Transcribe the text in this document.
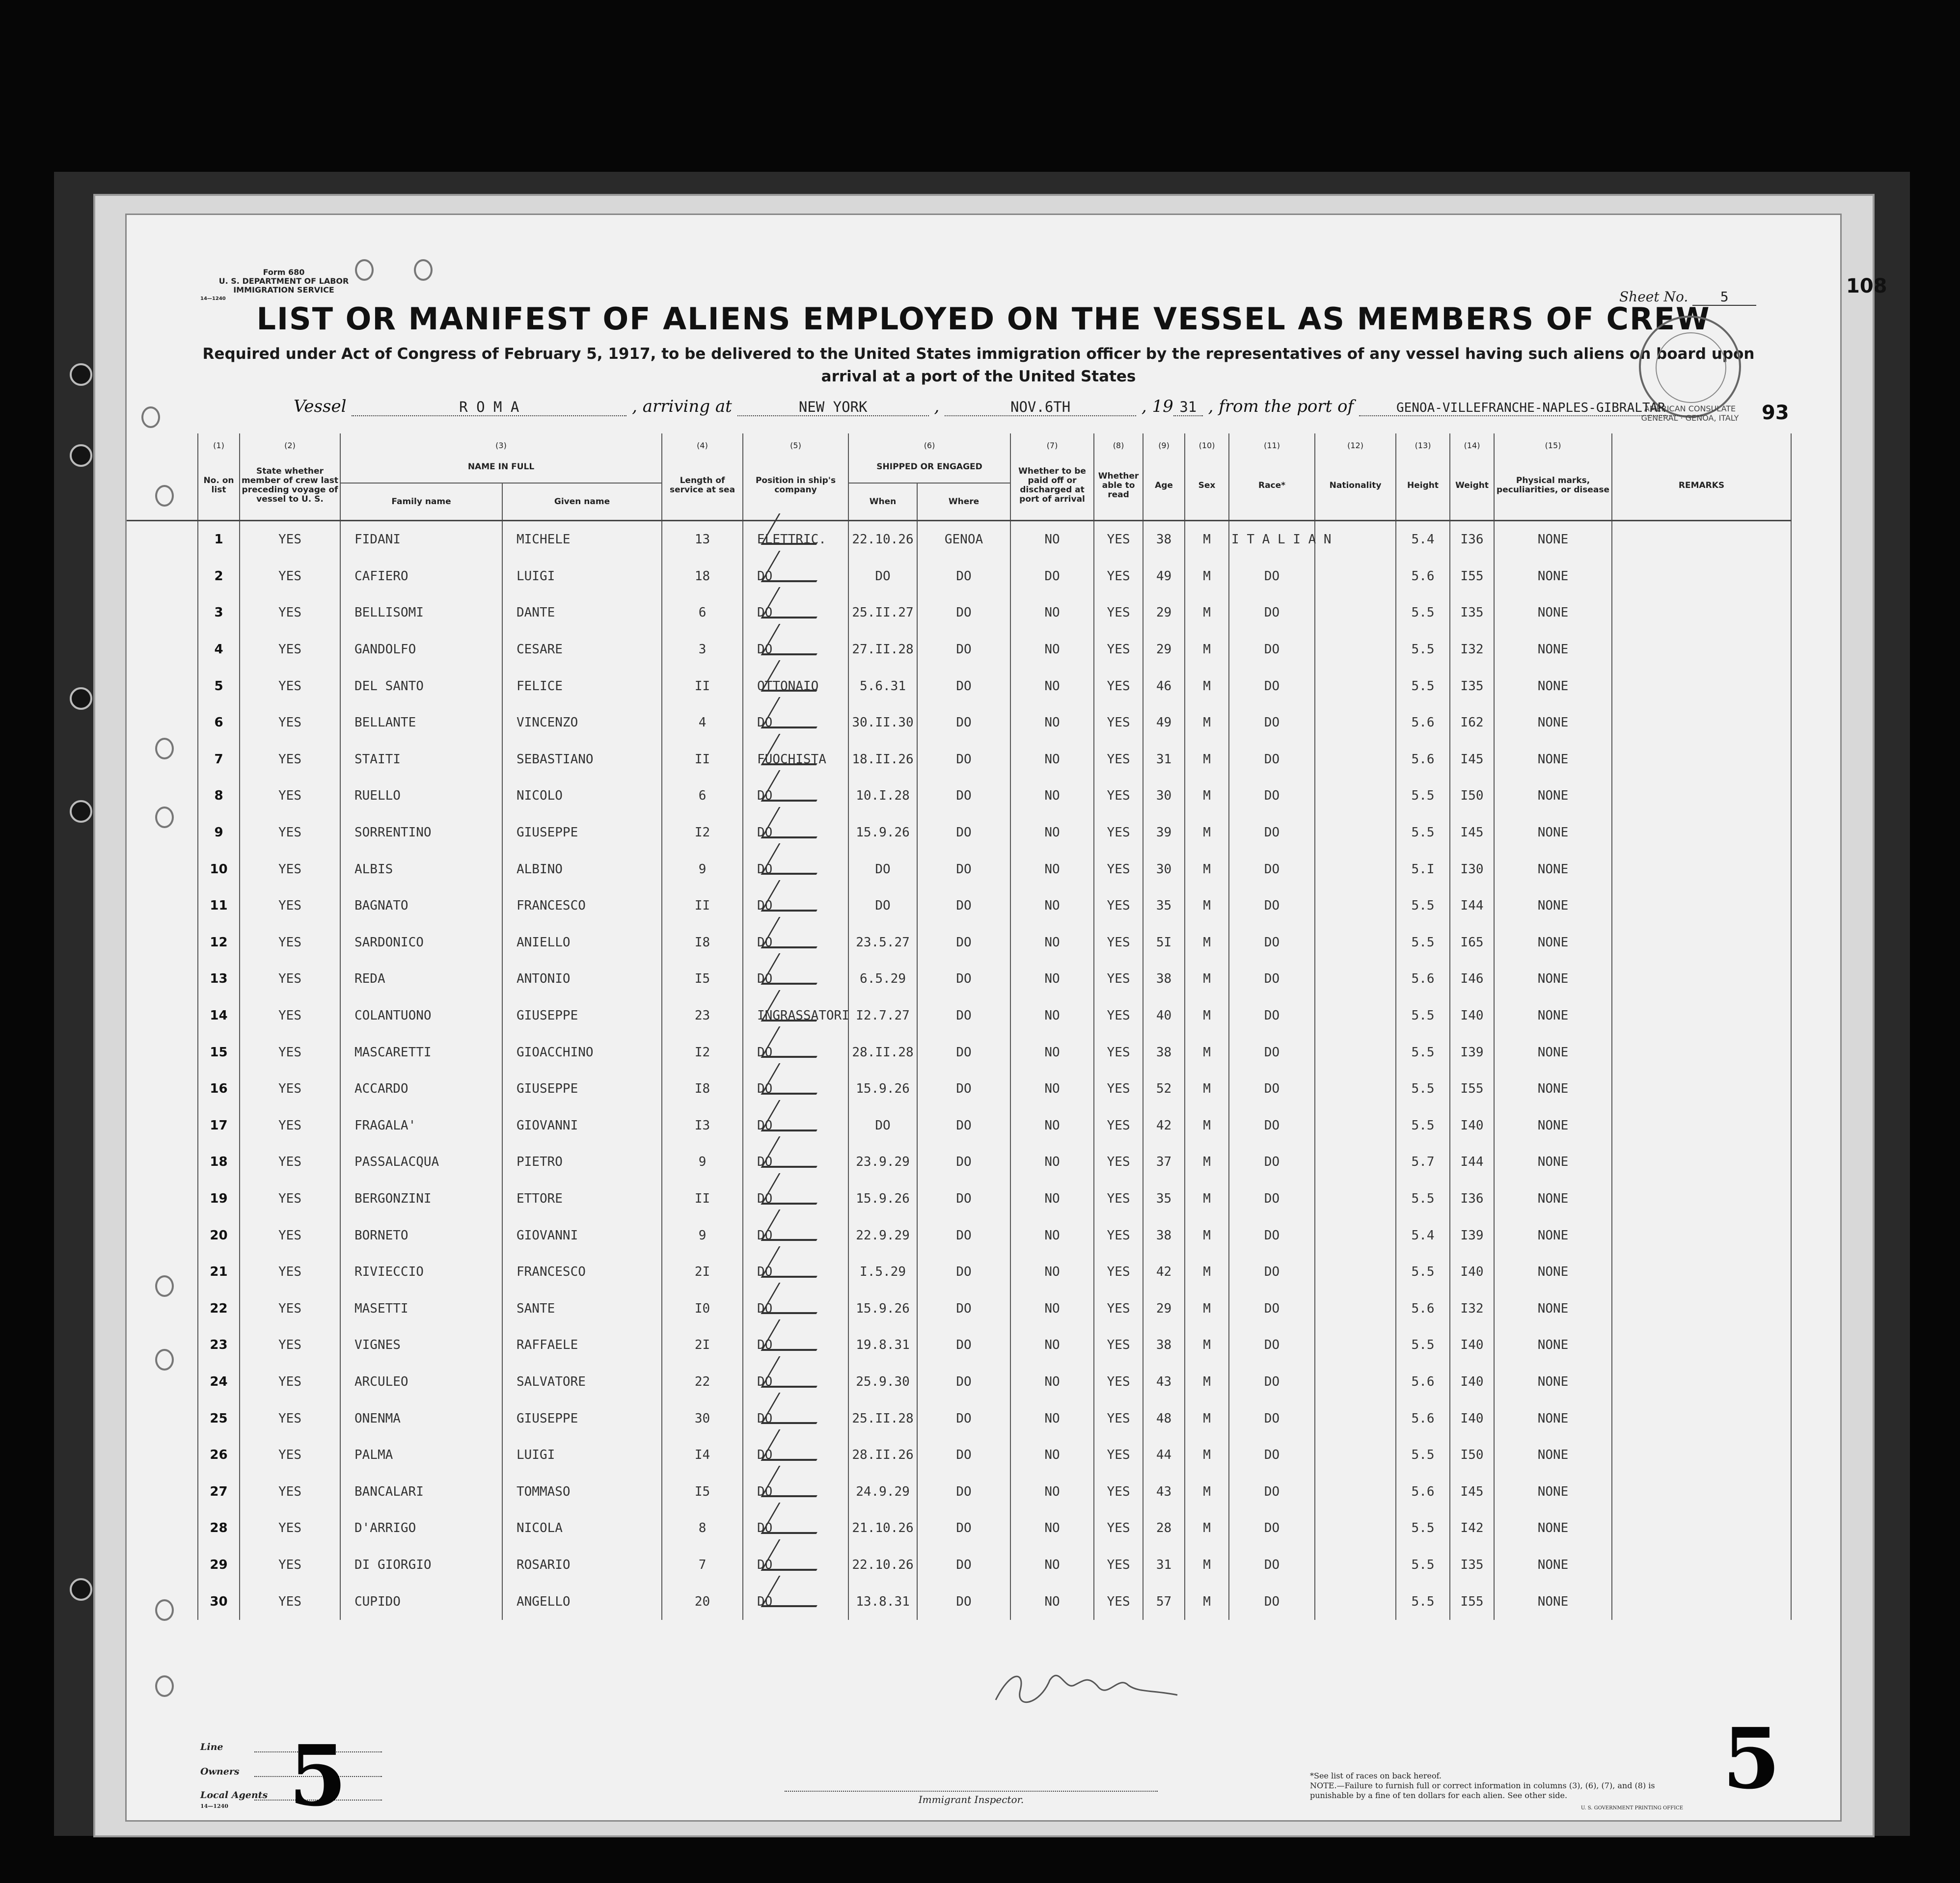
108
Form 680
U. S. DEPARTMENT OF LABOR
IMMIGRATION SERVICE
14—1240	Sheet No. 5
LIST OR MANIFEST OF ALIENS EMPLOYED ON THE VESSEL AS MEMBERS OF CREW
Required under Act of Congress of February 5, 1917, to be delivered to the United States immigration officer by the representatives of any vessel having such aliens on board upon arrival at a port of the United States
AMERICAN CONSULATE GENERAL · GENOA, ITALY 93
Vessel	R O M A	, arriving at	NEW YORK	,	NOV.6TH	, 19 31 , from the port of	GENOA-VILLEFRANCHE-NAPLES-GIBRALTAR
	(1)	(2)	(3)		(4)	(5)	(6)		(7)	(8)	(9)	(10)	(11)	(12)	(13)	(14)	(15)	
	No. on list	State whether member of crew last preceding voyage of vessel to U. S.	NAME IN FULL		Length of service at sea	Position in ship's company	SHIPPED OR ENGAGED		Whether to be paid off or discharged at port of arrival	Whether able to read	Age	Sex	Race*	Nationality	Height	Weight	Physical marks, peculiarities, or disease	REMARKS
			Family name	Given name			When	Where										
	1	YES	FIDANI	MICHELE	13	ELETTRIC.	22.10.26	GENOA	NO	YES	38	M	I T A L I A N		5.4	I36	NONE	
	2	YES	CAFIERO	LUIGI	18	DO	DO	DO	DO	YES	49	M	DO		5.6	I55	NONE	
	3	YES	BELLISOMI	DANTE	6	DO	25.II.27	DO	NO	YES	29	M	DO		5.5	I35	NONE	
	4	YES	GANDOLFO	CESARE	3	DO	27.II.28	DO	NO	YES	29	M	DO		5.5	I32	NONE	
	5	YES	DEL SANTO	FELICE	II	OTTONAIO	5.6.31	DO	NO	YES	46	M	DO		5.5	I35	NONE	
	6	YES	BELLANTE	VINCENZO	4	DO	30.II.30	DO	NO	YES	49	M	DO		5.6	I62	NONE	
	7	YES	STAITI	SEBASTIANO	II	FUOCHISTA	18.II.26	DO	NO	YES	31	M	DO		5.6	I45	NONE	
	8	YES	RUELLO	NICOLO	6	DO	10.I.28	DO	NO	YES	30	M	DO		5.5	I50	NONE	
	9	YES	SORRENTINO	GIUSEPPE	I2	DO	15.9.26	DO	NO	YES	39	M	DO		5.5	I45	NONE	
	10	YES	ALBIS	ALBINO	9	DO	DO	DO	NO	YES	30	M	DO		5.I	I30	NONE	
	11	YES	BAGNATO	FRANCESCO	II	DO	DO	DO	NO	YES	35	M	DO		5.5	I44	NONE	
	12	YES	SARDONICO	ANIELLO	I8	DO	23.5.27	DO	NO	YES	5I	M	DO		5.5	I65	NONE	
	13	YES	REDA	ANTONIO	I5	DO	6.5.29	DO	NO	YES	38	M	DO		5.6	I46	NONE	
	14	YES	COLANTUONO	GIUSEPPE	23	INGRASSATORI	I2.7.27	DO	NO	YES	40	M	DO		5.5	I40	NONE	
	15	YES	MASCARETTI	GIOACCHINO	I2	DO	28.II.28	DO	NO	YES	38	M	DO		5.5	I39	NONE	
	16	YES	ACCARDO	GIUSEPPE	I8	DO	15.9.26	DO	NO	YES	52	M	DO		5.5	I55	NONE	
	17	YES	FRAGALA'	GIOVANNI	I3	DO	DO	DO	NO	YES	42	M	DO		5.5	I40	NONE	
	18	YES	PASSALACQUA	PIETRO	9	DO	23.9.29	DO	NO	YES	37	M	DO		5.7	I44	NONE	
	19	YES	BERGONZINI	ETTORE	II	DO	15.9.26	DO	NO	YES	35	M	DO		5.5	I36	NONE	
	20	YES	BORNETO	GIOVANNI	9	DO	22.9.29	DO	NO	YES	38	M	DO		5.4	I39	NONE	
	21	YES	RIVIECCIO	FRANCESCO	2I	DO	I.5.29	DO	NO	YES	42	M	DO		5.5	I40	NONE	
	22	YES	MASETTI	SANTE	I0	DO	15.9.26	DO	NO	YES	29	M	DO		5.6	I32	NONE	
	23	YES	VIGNES	RAFFAELE	2I	DO	19.8.31	DO	NO	YES	38	M	DO		5.5	I40	NONE	
	24	YES	ARCULEO	SALVATORE	22	DO	25.9.30	DO	NO	YES	43	M	DO		5.6	I40	NONE	
	25	YES	ONENMA	GIUSEPPE	30	DO	25.II.28	DO	NO	YES	48	M	DO		5.6	I40	NONE	
	26	YES	PALMA	LUIGI	I4	DO	28.II.26	DO	NO	YES	44	M	DO		5.5	I50	NONE	
	27	YES	BANCALARI	TOMMASO	I5	DO	24.9.29	DO	NO	YES	43	M	DO		5.6	I45	NONE	
	28	YES	D'ARRIGO	NICOLA	8	DO	21.10.26	DO	NO	YES	28	M	DO		5.5	I42	NONE	
	29	YES	DI GIORGIO	ROSARIO	7	DO	22.10.26	DO	NO	YES	31	M	DO		5.5	I35	NONE	
	30	YES	CUPIDO	ANGELLO	20	DO	13.8.31	DO	NO	YES	57	M	DO		5.5	I55	NONE	
Line
Owners
Local Agents
14—1240 5	5
Immigrant Inspector.
*See list of races on back hereof.
NOTE.—Failure to furnish full or correct information in columns (3), (6), (7), and (8) is punishable by a fine of ten dollars for each alien. See other side.
U. S. GOVERNMENT PRINTING OFFICE
